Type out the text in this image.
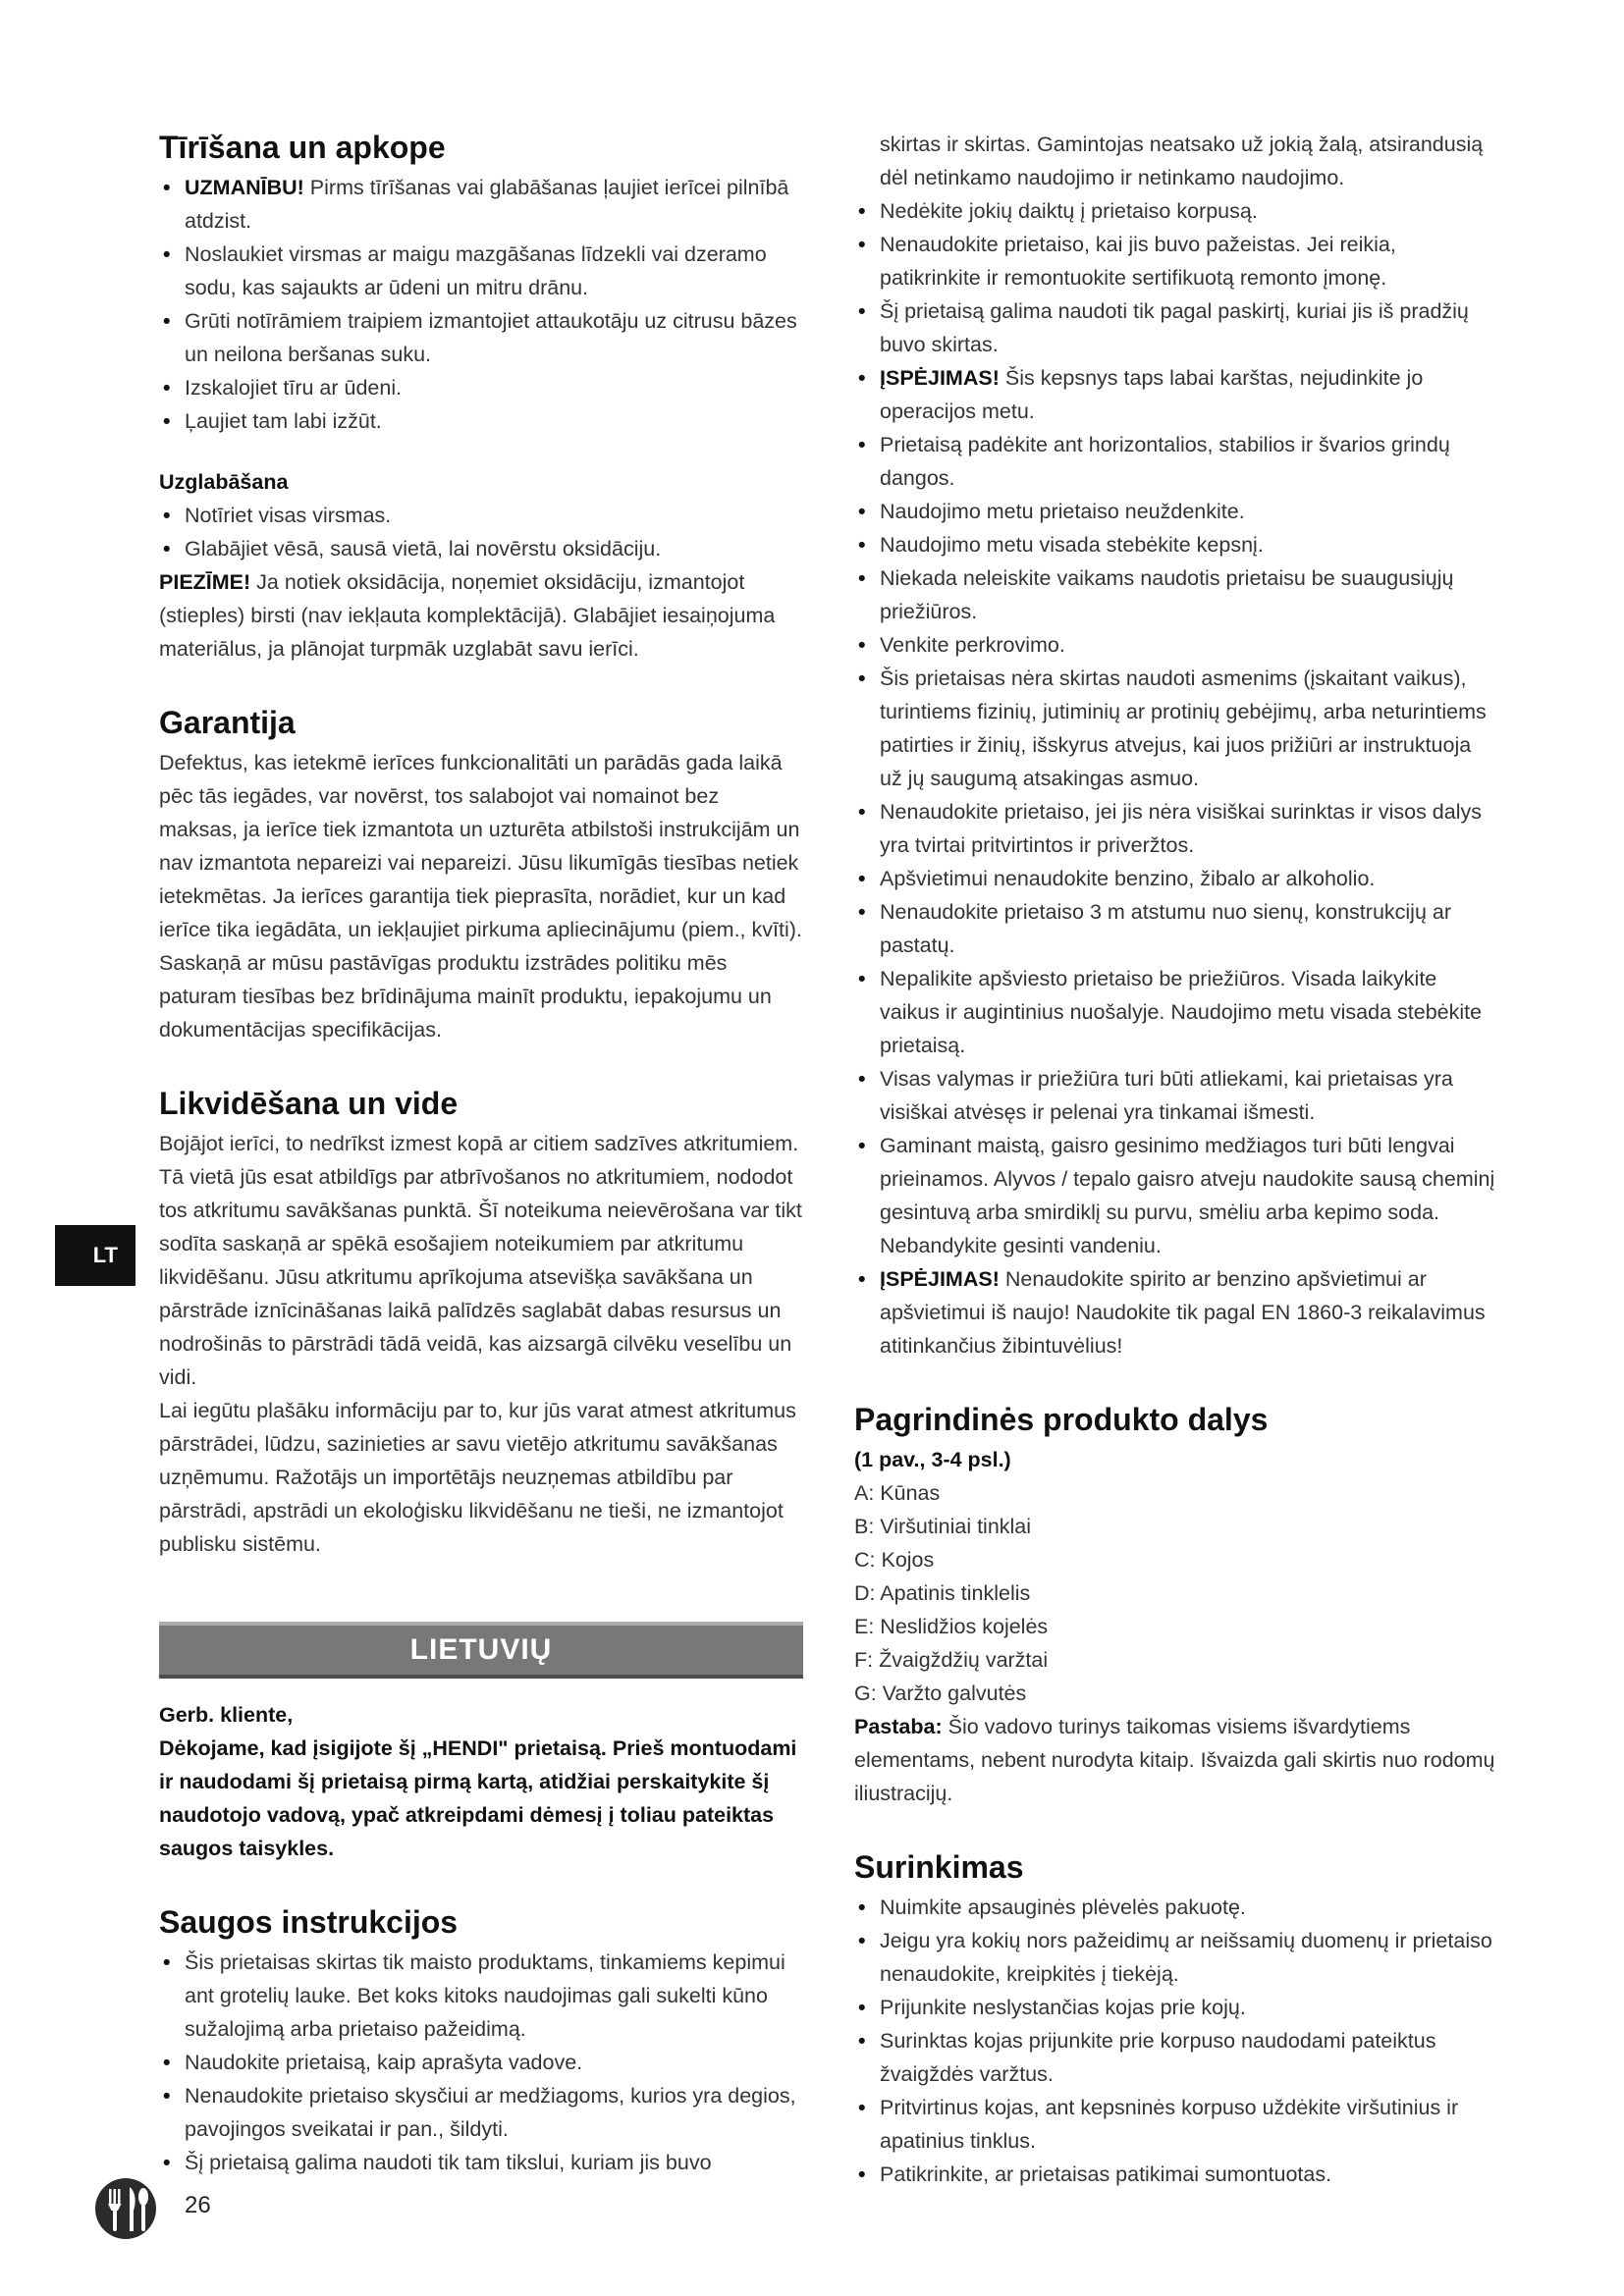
Tīrīšana un apkope
• UZMANĪBU! Pirms tīrīšanas vai glabāšanas ļaujiet ierīcei pilnībā atdzist.
• Noslaukiet virsmas ar maigu mazgāšanas līdzekli vai dzeramo sodu, kas sajaukts ar ūdeni un mitru drānu.
• Grūti notīrāmiem traipiem izmantojiet attaukotāju uz citrusu bāzes un neilona beršanas suku.
• Izskalojiet tīru ar ūdeni.
• Ļaujiet tam labi izžūt.
Uzglabāšana
• Notīriet visas virsmas.
• Glabājiet vēsā, sausā vietā, lai novērstu oksidāciju.

PIEZĪME! Ja notiek oksidācija, noņemiet oksidāciju, izmantojot (stieples) birsti (nav iekļauta komplektācijā). Glabājiet iesaiņojuma materiālus, ja plānojat turpmāk uzglabāt savu ierīci.

Garantija

Defektus, kas ietekmē ierīces funkcionalitāti un parādās gada laikā pēc tās iegādes, var novērst, tos salabojot vai nomainot bez maksas, ja ierīce tiek izmantota un uzturēta atbilstoši instrukcijām un nav izmantota nepareizi vai nepareizi. Jūsu likumīgās tiesības netiek ietekmētas. Ja ierīces garantija tiek pieprasīta, norādiet, kur un kad ierīce tika iegādāta, un iekļaujiet pirkuma apliecinājumu (piem., kvīti).

Saskaņā ar mūsu pastāvīgas produktu izstrādes politiku mēs paturam tiesības bez brīdinājuma mainīt produktu, iepakojumu un dokumentācijas specifikācijas.

Likvidēšana un vide

Bojājot ierīci, to nedrīkst izmest kopā ar citiem sadzīves atkritumiem. Tā vietā jūs esat atbildīgs par atbrīvošanos no atkritumiem, nododot tos atkritumu savākšanas punktā. Šī noteikuma neievērošana var tikt sodīta saskaņā ar spēkā esošajiem noteikumiem par atkritumu likvidēšanu. Jūsu atkritumu aprīkojuma atsevišķa savākšana un pārstrāde iznīcināšanas laikā palīdzēs saglabāt dabas resursus un nodrošinās to pārstrādi tādā veidā, kas aizsargā cilvēku veselību un vidi.

Lai iegūtu plašāku informāciju par to, kur jūs varat atmest atkritumus pārstrādei, lūdzu, sazinieties ar savu vietējo atkritumu savākšanas uzņēmumu. Ražotājs un importētājs neuzņemas atbildību par pārstrādi, apstrādi un ekoloģisku likvidēšanu ne tieši, ne izmantojot publisku sistēmu.

LIETUVIŲ

Gerb. kliente,

Dėkojame, kad įsigijote šį „HENDI" prietaisą. Prieš montuodami ir naudodami šį prietaisą pirmą kartą, atidžiai perskaitykite šį naudotojo vadovą, ypač atkreipdami dėmesį į toliau pateiktas saugos taisykles.

Saugos instrukcijos
• Šis prietaisas skirtas tik maisto produktams, tinkamiems kepimui ant grotelių lauke. Bet koks kitoks naudojimas gali sukelti kūno sužalojimą arba prietaiso pažeidimą.
• Naudokite prietaisą, kaip aprašyta vadove.
• Nenaudokite prietaiso skysčiui ar medžiagoms, kurios yra degios, pavojingos sveikatai ir pan., šildyti.
• Šį prietaisą galima naudoti tik tam tikslui, kuriam jis buvo

skirtas ir skirtas. Gamintojas neatsako už jokią žalą, atsirandusią dėl netinkamo naudojimo ir netinkamo naudojimo.

• Nedėkite jokių daiktų į prietaiso korpusą.
• Nenaudokite prietaiso, kai jis buvo pažeistas. Jei reikia, patikrinkite ir remontuokite sertifikuotą remonto įmonę.
• Šį prietaisą galima naudoti tik pagal paskirtį, kuriai jis iš pradžių buvo skirtas.
• ĮSPĖJIMAS! Šis kepsnys taps labai karštas, nejudinkite jo operacijos metu.
• Prietaisą padėkite ant horizontalios, stabilios ir švarios grindų dangos.
• Naudojimo metu prietaiso neuždenkite.
• Naudojimo metu visada stebėkite kepsnį.
• Niekada neleiskite vaikams naudotis prietaisu be suaugusiųjų priežiūros.
• Venkite perkrovimo.
• Šis prietaisas nėra skirtas naudoti asmenims (įskaitant vaikus), turintiems fizinių, jutiminių ar protinių gebėjimų, arba neturintiems patirties ir žinių, išskyrus atvejus, kai juos prižiūri ar instruktuoja už jų saugumą atsakingas asmuo.
• Nenaudokite prietaiso, jei jis nėra visiškai surinktas ir visos dalys yra tvirtai pritvirtintos ir priveržtos.
• Apšvietimui nenaudokite benzino, žibalo ar alkoholio.
• Nenaudokite prietaiso 3 m atstumu nuo sienų, konstrukcijų ar pastatų.
• Nepalikite apšviesto prietaiso be priežiūros. Visada laikykite vaikus ir augintinius nuošalyje. Naudojimo metu visada stebėkite prietaisą.
• Visas valymas ir priežiūra turi būti atliekami, kai prietaisas yra visiškai atvėsęs ir pelenai yra tinkamai išmesti.
• Gaminant maistą, gaisro gesinimo medžiagos turi būti lengvai prieinamos. Alyvos / tepalo gaisro atveju naudokite sausą cheminį gesintuvą arba smirdiklį su purvu, smėliu arba kepimo soda. Nebandykite gesinti vandeniu.
• ĮSPĖJIMAS! Nenaudokite spirito ar benzino apšvietimui ar apšvietimui iš naujo! Naudokite tik pagal EN 1860-3 reikalavimus atitinkančius žibintuvėlius!
Pagrindinės produkto dalys
(1 pav., 3-4 psl.)
A: Kūnas
B: Viršutiniai tinklai
C: Kojos
D: Apatinis tinklelis
E: Neslidžios kojelės
F: Žvaigždžių varžtai
G: Varžto galvutės

Pastaba: Šio vadovo turinys taikomas visiems išvardytiems elementams, nebent nurodyta kitaip. Išvaizda gali skirtis nuo rodomų iliustracijų.

Surinkimas
• Nuimkite apsauginės plėvelės pakuotę.
• Jeigu yra kokių nors pažeidimų ar neišsamių duomenų ir prietaiso nenaudokite, kreipkitės į tiekėją.
• Prijunkite neslystančias kojas prie kojų.
• Surinktas kojas prijunkite prie korpuso naudodami pateiktus žvaigždės varžtus.
• Pritvirtinus kojas, ant kepsninės korpuso uždėkite viršutinius ir apatinius tinklus.
• Patikrinkite, ar prietaisas patikimai sumontuotas.
LT
26
